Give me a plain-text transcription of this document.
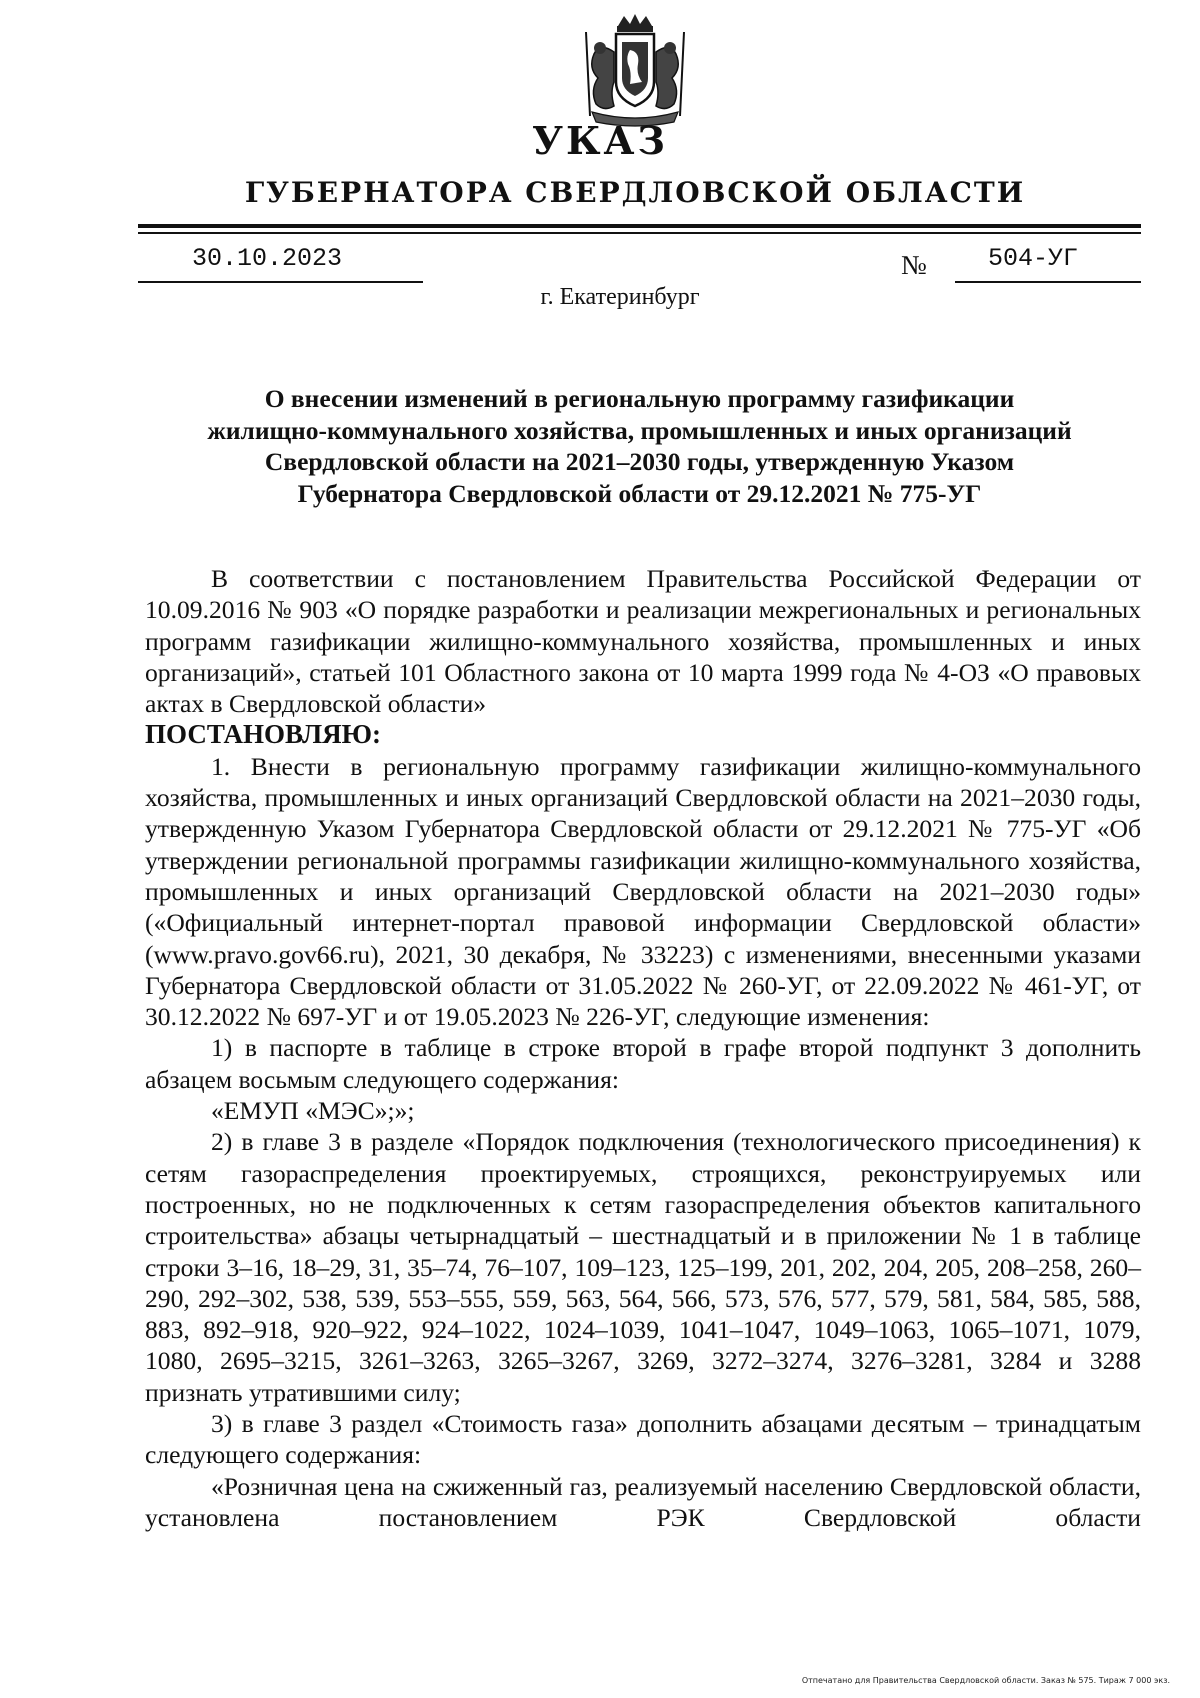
УКАЗ
ГУБЕРНАТОРА СВЕРДЛОВСКОЙ ОБЛАСТИ
30.10.2023	№ 504-УГ
г. Екатеринбург
О внесении изменений в региональную программу газификации
жилищно-коммунального хозяйства, промышленных и иных организаций
Свердловской области на 2021–2030 годы, утвержденную Указом
Губернатора Свердловской области от 29.12.2021 № 775-УГ

В соответствии с постановлением Правительства Российской Федерации от 10.09.2016 № 903 «О порядке разработки и реализации межрегиональных и региональных программ газификации жилищно-коммунального хозяйства, промышленных и иных организаций», статьей 101 Областного закона от 10 марта 1999 года № 4-ОЗ «О правовых актах в Свердловской области»

ПОСТАНОВЛЯЮ:

1. Внести в региональную программу газификации жилищно-коммунального хозяйства, промышленных и иных организаций Свердловской области на 2021–2030 годы, утвержденную Указом Губернатора Свердловской области от 29.12.2021 № 775-УГ «Об утверждении региональной программы газификации жилищно-коммунального хозяйства, промышленных и иных организаций Свердловской области на 2021–2030 годы» («Официальный интернет-портал правовой информации Свердловской области» (www.pravo.gov66.ru), 2021, 30 декабря, № 33223) с изменениями, внесенными указами Губернатора Свердловской области от 31.05.2022 № 260-УГ, от 22.09.2022 № 461-УГ, от 30.12.2022 № 697-УГ и от 19.05.2023 № 226-УГ, следующие изменения:

1) в паспорте в таблице в строке второй в графе второй подпункт 3 дополнить абзацем восьмым следующего содержания:

«ЕМУП «МЭС»;»;

2) в главе 3 в разделе «Порядок подключения (технологического присоединения) к сетям газораспределения проектируемых, строящихся, реконструируемых или построенных, но не подключенных к сетям газораспределения объектов капитального строительства» абзацы четырнадцатый – шестнадцатый и в приложении № 1 в таблице строки 3–16, 18–29, 31, 35–74, 76–107, 109–123, 125–199, 201, 202, 204, 205, 208–258, 260–290, 292–302, 538, 539, 553–555, 559, 563, 564, 566, 573, 576, 577, 579, 581, 584, 585, 588, 883, 892–918, 920–922, 924–1022, 1024–1039, 1041–1047, 1049–1063, 1065–1071, 1079, 1080, 2695–3215, 3261–3263, 3265–3267, 3269, 3272–3274, 3276–3281, 3284 и 3288 признать утратившими силу;

3) в главе 3 раздел «Стоимость газа» дополнить абзацами десятым – тринадцатым следующего содержания:

«Розничная цена на сжиженный газ, реализуемый населению Свердловской области, установлена постановлением РЭК Свердловской области

Отпечатано для Правительства Свердловской области. Заказ № 575. Тираж 7 000 экз.
